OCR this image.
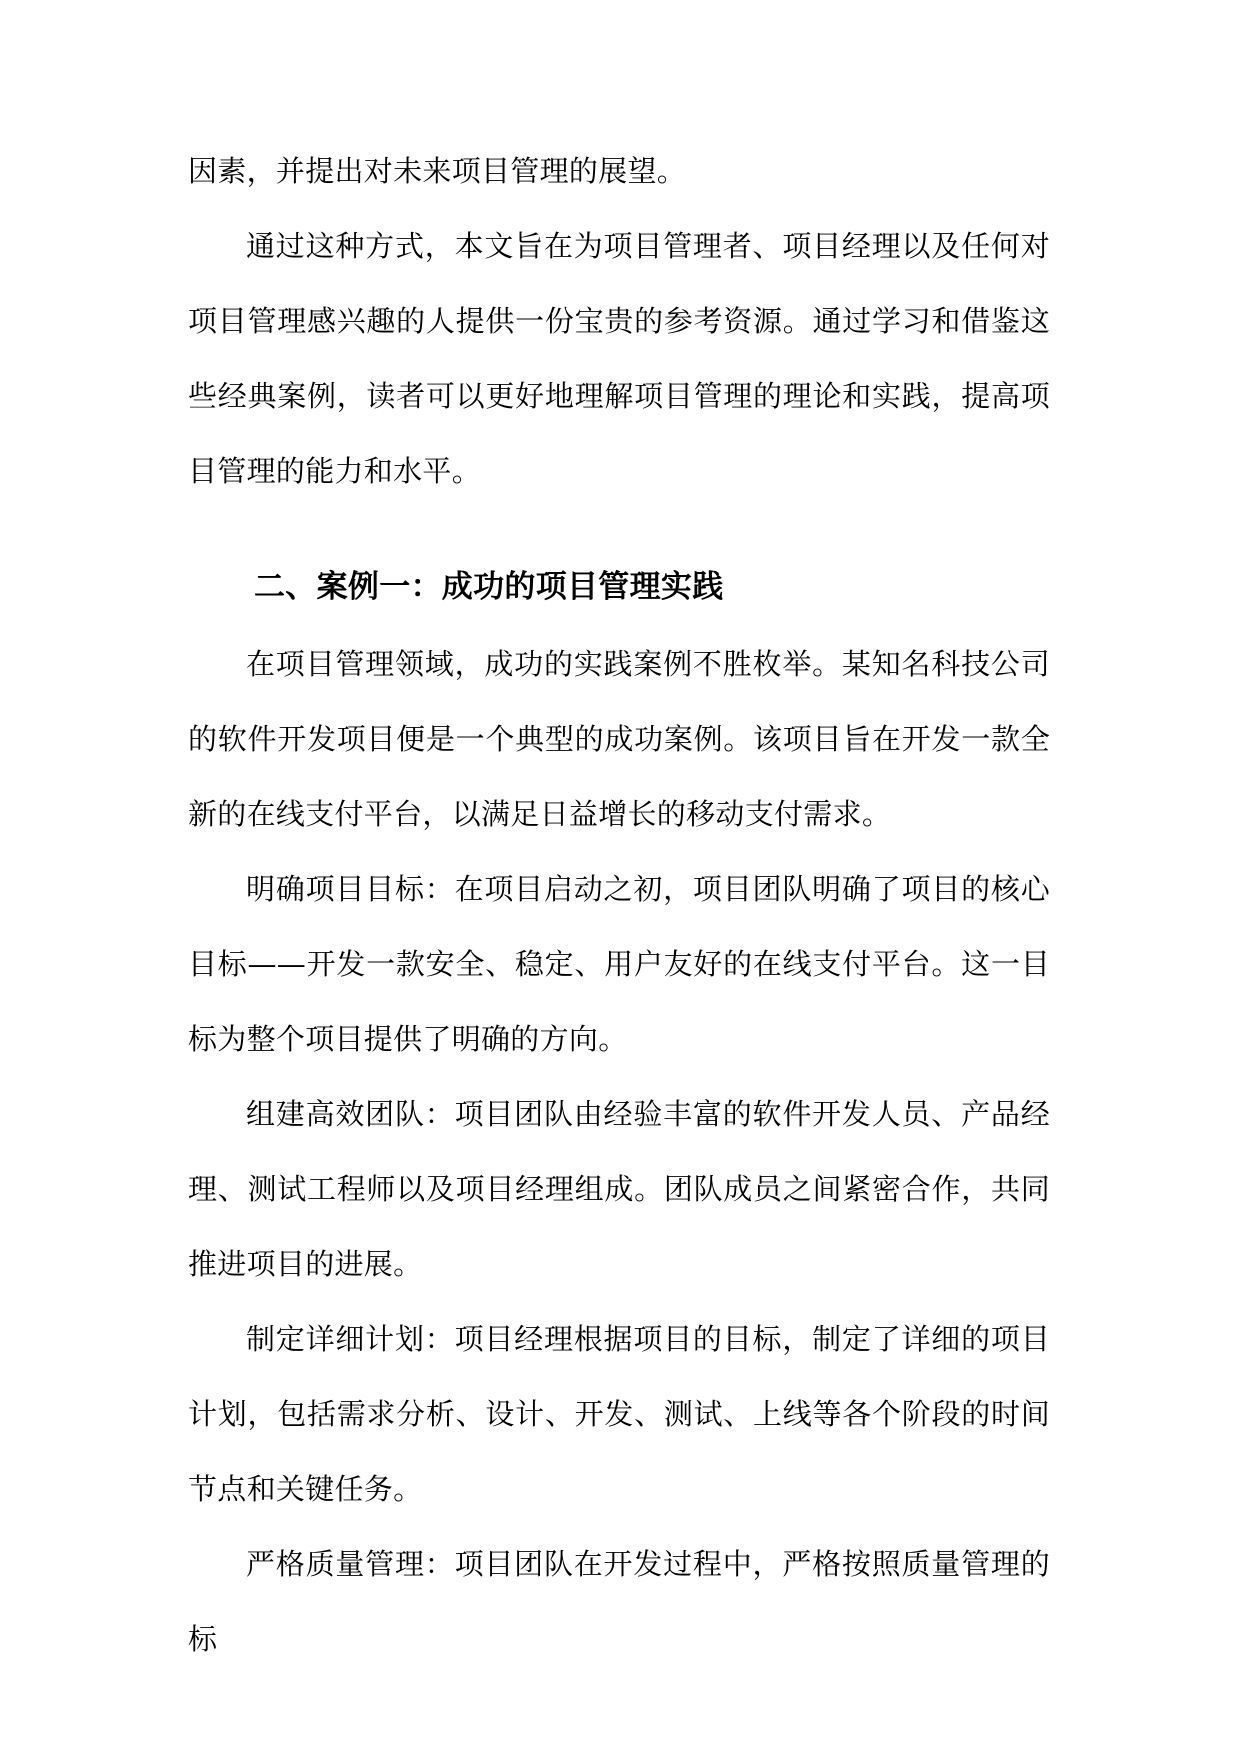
因素，并提出对未来项目管理的展望。

通过这种方式，本文旨在为项目管理者、项目经理以及任何对项目管理感兴趣的人提供一份宝贵的参考资源。通过学习和借鉴这些经典案例，读者可以更好地理解项目管理的理论和实践，提高项目管理的能力和水平。

二、案例一：成功的项目管理实践

在项目管理领域，成功的实践案例不胜枚举。某知名科技公司的软件开发项目便是一个典型的成功案例。该项目旨在开发一款全新的在线支付平台，以满足日益增长的移动支付需求。

明确项目目标：在项目启动之初，项目团队明确了项目的核心目标——开发一款安全、稳定、用户友好的在线支付平台。这一目标为整个项目提供了明确的方向。

组建高效团队：项目团队由经验丰富的软件开发人员、产品经理、测试工程师以及项目经理组成。团队成员之间紧密合作，共同推进项目的进展。

制定详细计划：项目经理根据项目的目标，制定了详细的项目计划，包括需求分析、设计、开发、测试、上线等各个阶段的时间节点和关键任务。

严格质量管理：项目团队在开发过程中，严格按照质量管理的标
